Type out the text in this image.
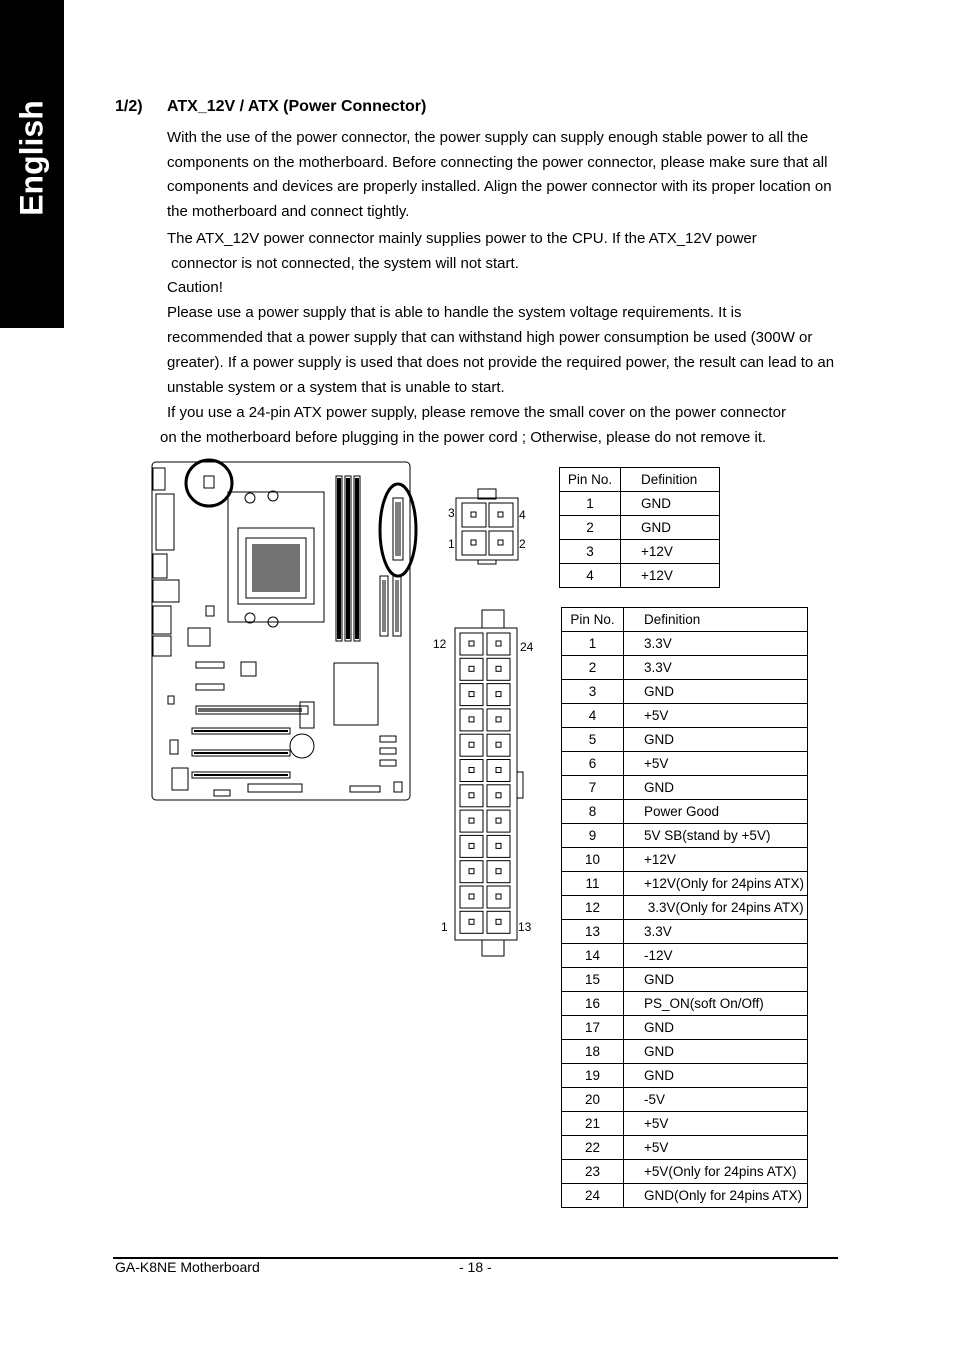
English	1/2) ATX_12V / ATX (Power Connector)
With the use of the power connector, the power supply can supply enough stable power to all the
components on the motherboard. Before connecting the power connector, please make sure that all
components and devices are properly installed. Align the power connector with its proper location on
the motherboard and connect tightly.
The ATX_12V power connector mainly supplies power to the CPU. If the ATX_12V power
connector is not connected, the system will not start.
Caution!
Please use a power supply that is able to handle the system voltage requirements. It is
recommended that a power supply that can withstand high power consumption be used (300W or
greater). If a power supply is used that does not provide the required power, the result can lead to an
unstable system or a system that is unable to start.
If you use a 24-pin ATX power supply, please remove the small cover on the power connector
on the motherboard before plugging in the power cord ; Otherwise, please do not remove it.
3	4
1	2
12	24
1	13
Pin No.	Definition
1	GND
2	GND
3	+12V
4	+12V
Pin No.	Definition
1	3.3V
2	3.3V
3	GND
4	+5V
5	GND
6	+5V
7	GND
8	Power Good
9	5V SB(stand by +5V)
10	+12V
11	+12V(Only for 24pins ATX)
12	3.3V(Only for 24pins ATX)
13	3.3V
14	-12V
15	GND
16	PS_ON(soft On/Off)
17	GND
18	GND
19	GND
20	-5V
21	+5V
22	+5V
23	+5V(Only for 24pins ATX)
24	GND(Only for 24pins ATX)
GA-K8NE Motherboard	- 18 -
